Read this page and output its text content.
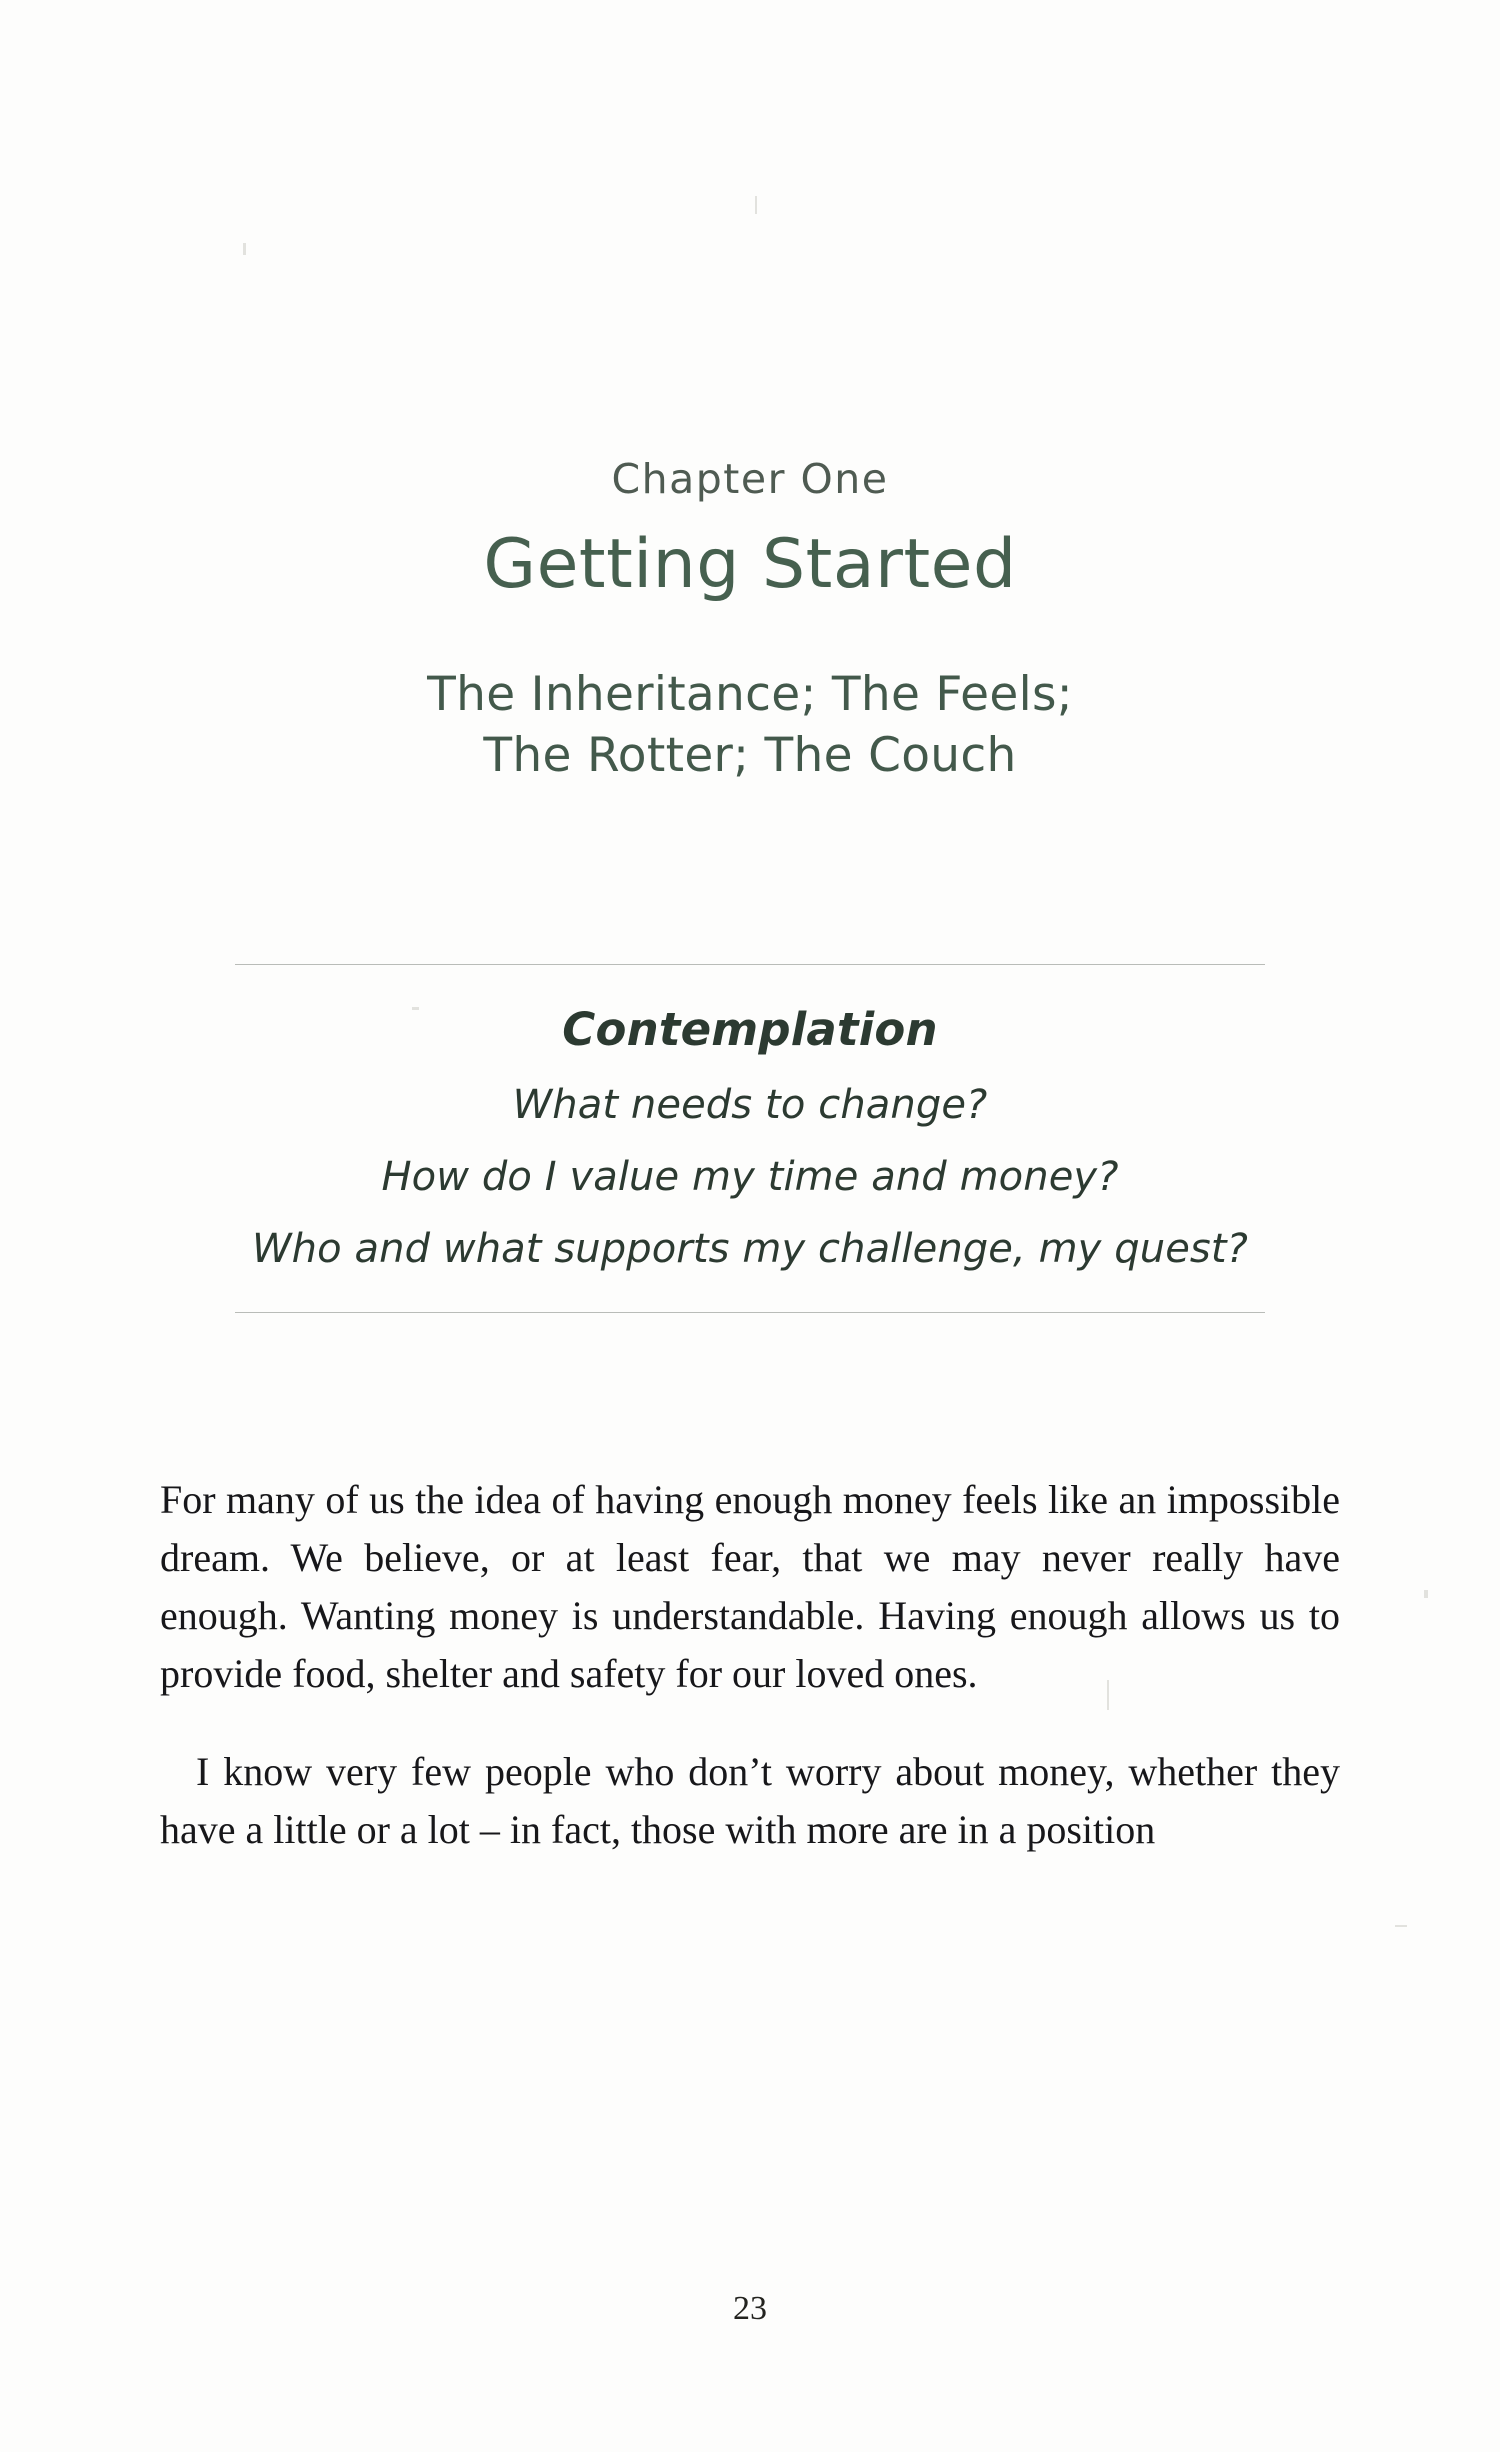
Chapter One
Getting Started
The Inheritance; The Feels;
The Rotter; The Couch
Contemplation
What needs to change?
How do I value my time and money?
Who and what supports my challenge, my quest?

For many of us the idea of having enough money feels like an impossible dream. We believe, or at least fear, that we may never really have enough. Wanting money is understandable. Having enough allows us to provide food, shelter and safety for our loved ones.

I know very few people who don’t worry about money, whether they have a little or a lot – in fact, those with more are in a position

23
